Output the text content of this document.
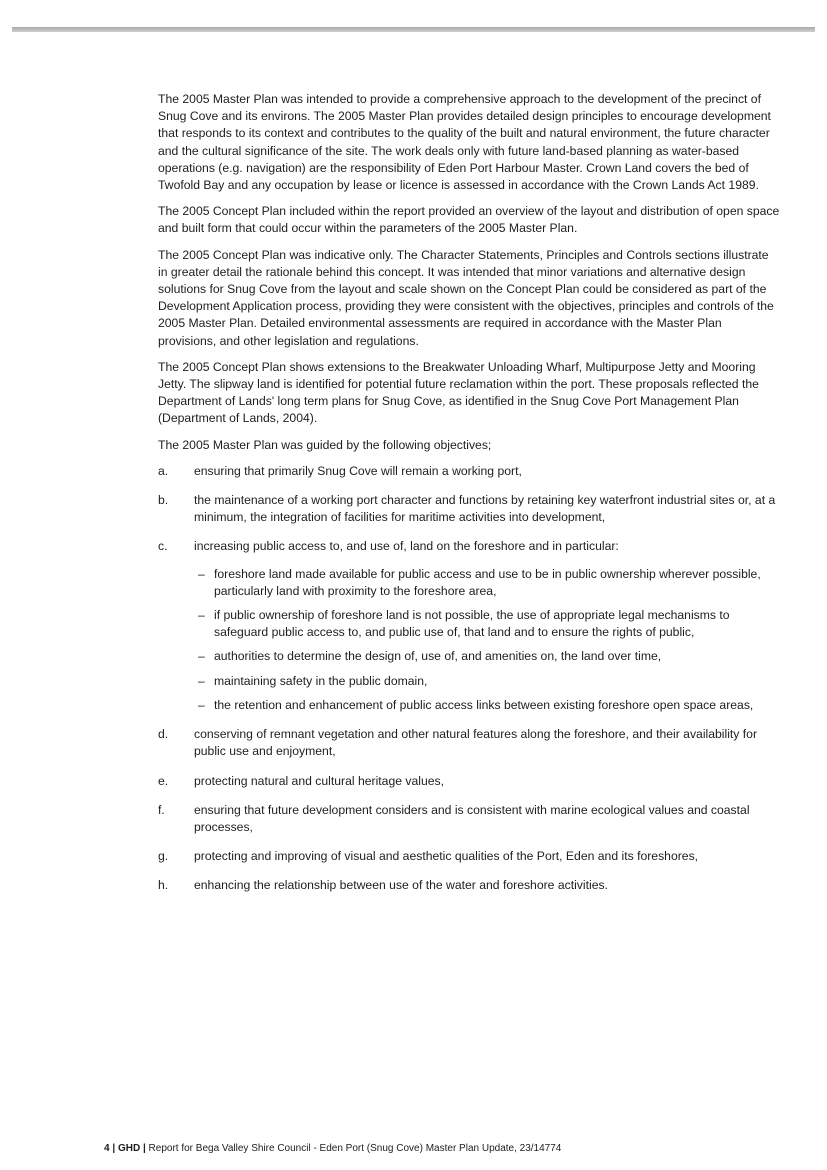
The 2005 Master Plan was intended to provide a comprehensive approach to the development of the precinct of Snug Cove and its environs. The 2005 Master Plan provides detailed design principles to encourage development that responds to its context and contributes to the quality of the built and natural environment, the future character and the cultural significance of the site. The work deals only with future land-based planning as water-based operations (e.g. navigation) are the responsibility of Eden Port Harbour Master. Crown Land covers the bed of Twofold Bay and any occupation by lease or licence is assessed in accordance with the Crown Lands Act 1989.

The 2005 Concept Plan included within the report provided an overview of the layout and distribution of open space and built form that could occur within the parameters of the 2005 Master Plan.

The 2005 Concept Plan was indicative only. The Character Statements, Principles and Controls sections illustrate in greater detail the rationale behind this concept. It was intended that minor variations and alternative design solutions for Snug Cove from the layout and scale shown on the Concept Plan could be considered as part of the Development Application process, providing they were consistent with the objectives, principles and controls of the 2005 Master Plan. Detailed environmental assessments are required in accordance with the Master Plan provisions, and other legislation and regulations.

The 2005 Concept Plan shows extensions to the Breakwater Unloading Wharf, Multipurpose Jetty and Mooring Jetty. The slipway land is identified for potential future reclamation within the port. These proposals reflected the Department of Lands' long term plans for Snug Cove, as identified in the Snug Cove Port Management Plan (Department of Lands, 2004).

The 2005 Master Plan was guided by the following objectives;

a. ensuring that primarily Snug Cove will remain a working port,
b. the maintenance of a working port character and functions by retaining key waterfront industrial sites or, at a minimum, the integration of facilities for maritime activities into development,
c. increasing public access to, and use of, land on the foreshore and in particular:
– foreshore land made available for public access and use to be in public ownership wherever possible, particularly land with proximity to the foreshore area,
– if public ownership of foreshore land is not possible, the use of appropriate legal mechanisms to safeguard public access to, and public use of, that land and to ensure the rights of public,
– authorities to determine the design of, use of, and amenities on, the land over time,
– maintaining safety in the public domain,
– the retention and enhancement of public access links between existing foreshore open space areas,
d. conserving of remnant vegetation and other natural features along the foreshore, and their availability for public use and enjoyment,
e. protecting natural and cultural heritage values,
f. ensuring that future development considers and is consistent with marine ecological values and coastal processes,
g. protecting and improving of visual and aesthetic qualities of the Port, Eden and its foreshores,
h. enhancing the relationship between use of the water and foreshore activities.
4 | GHD | Report for Bega Valley Shire Council - Eden Port (Snug Cove) Master Plan Update, 23/14774
